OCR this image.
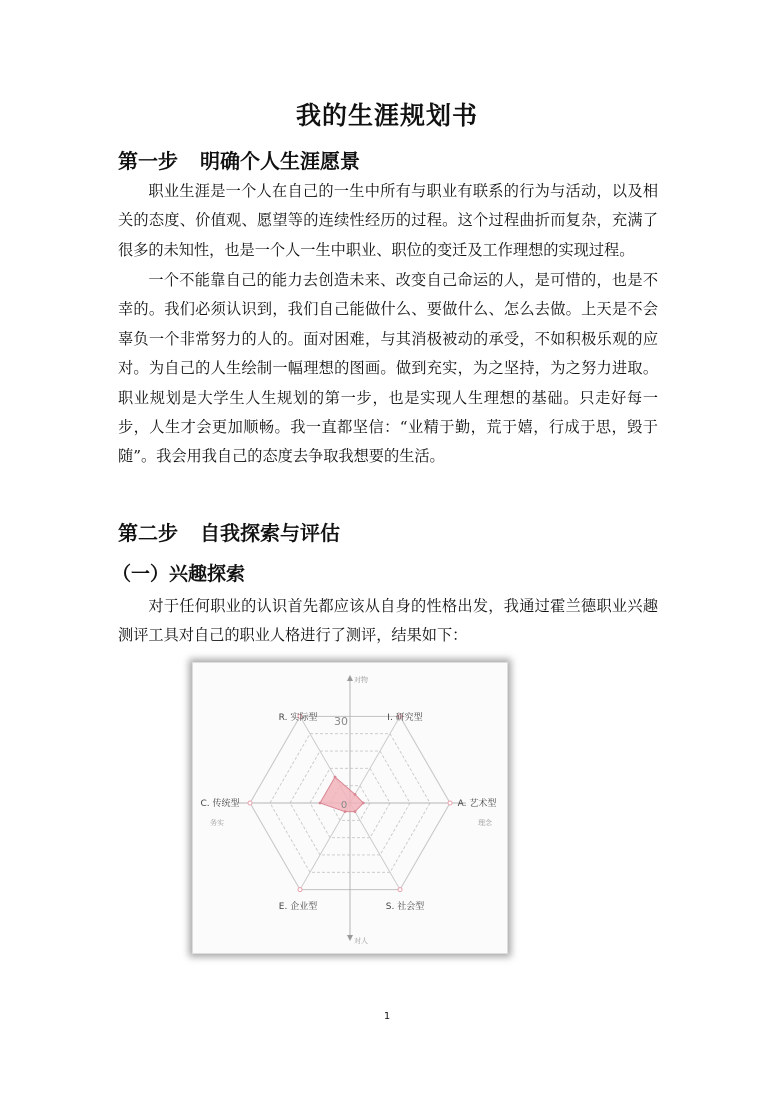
我的生涯规划书
第一步 明确个人生涯愿景

职业生涯是一个人在自己的一生中所有与职业有联系的行为与活动，以及相关的态度、价值观、愿望等的连续性经历的过程。这个过程曲折而复杂，充满了很多的未知性，也是一个人一生中职业、职位的变迁及工作理想的实现过程。

一个不能靠自己的能力去创造未来、改变自己命运的人，是可惜的，也是不幸的。我们必须认识到，我们自己能做什么、要做什么、怎么去做。上天是不会辜负一个非常努力的人的。面对困难，与其消极被动的承受，不如积极乐观的应对。为自己的人生绘制一幅理想的图画。做到充实，为之坚持，为之努力进取。职业规划是大学生人生规划的第一步，也是实现人生理想的基础。只走好每一步，人生才会更加顺畅。我一直都坚信：“业精于勤，荒于嬉，行成于思，毁于随”。我会用我自己的态度去争取我想要的生活。

第二步 自我探索与评估
（一）兴趣探索

对于任何职业的认识首先都应该从自身的性格出发，我通过霍兰德职业兴趣测评工具对自己的职业人格进行了测评，结果如下：

R. 实际型	I. 研究型
A. 艺术型
S. 社会型
E. 企业型
C. 传统型
30
0
对物
对人
务实	理念
1
